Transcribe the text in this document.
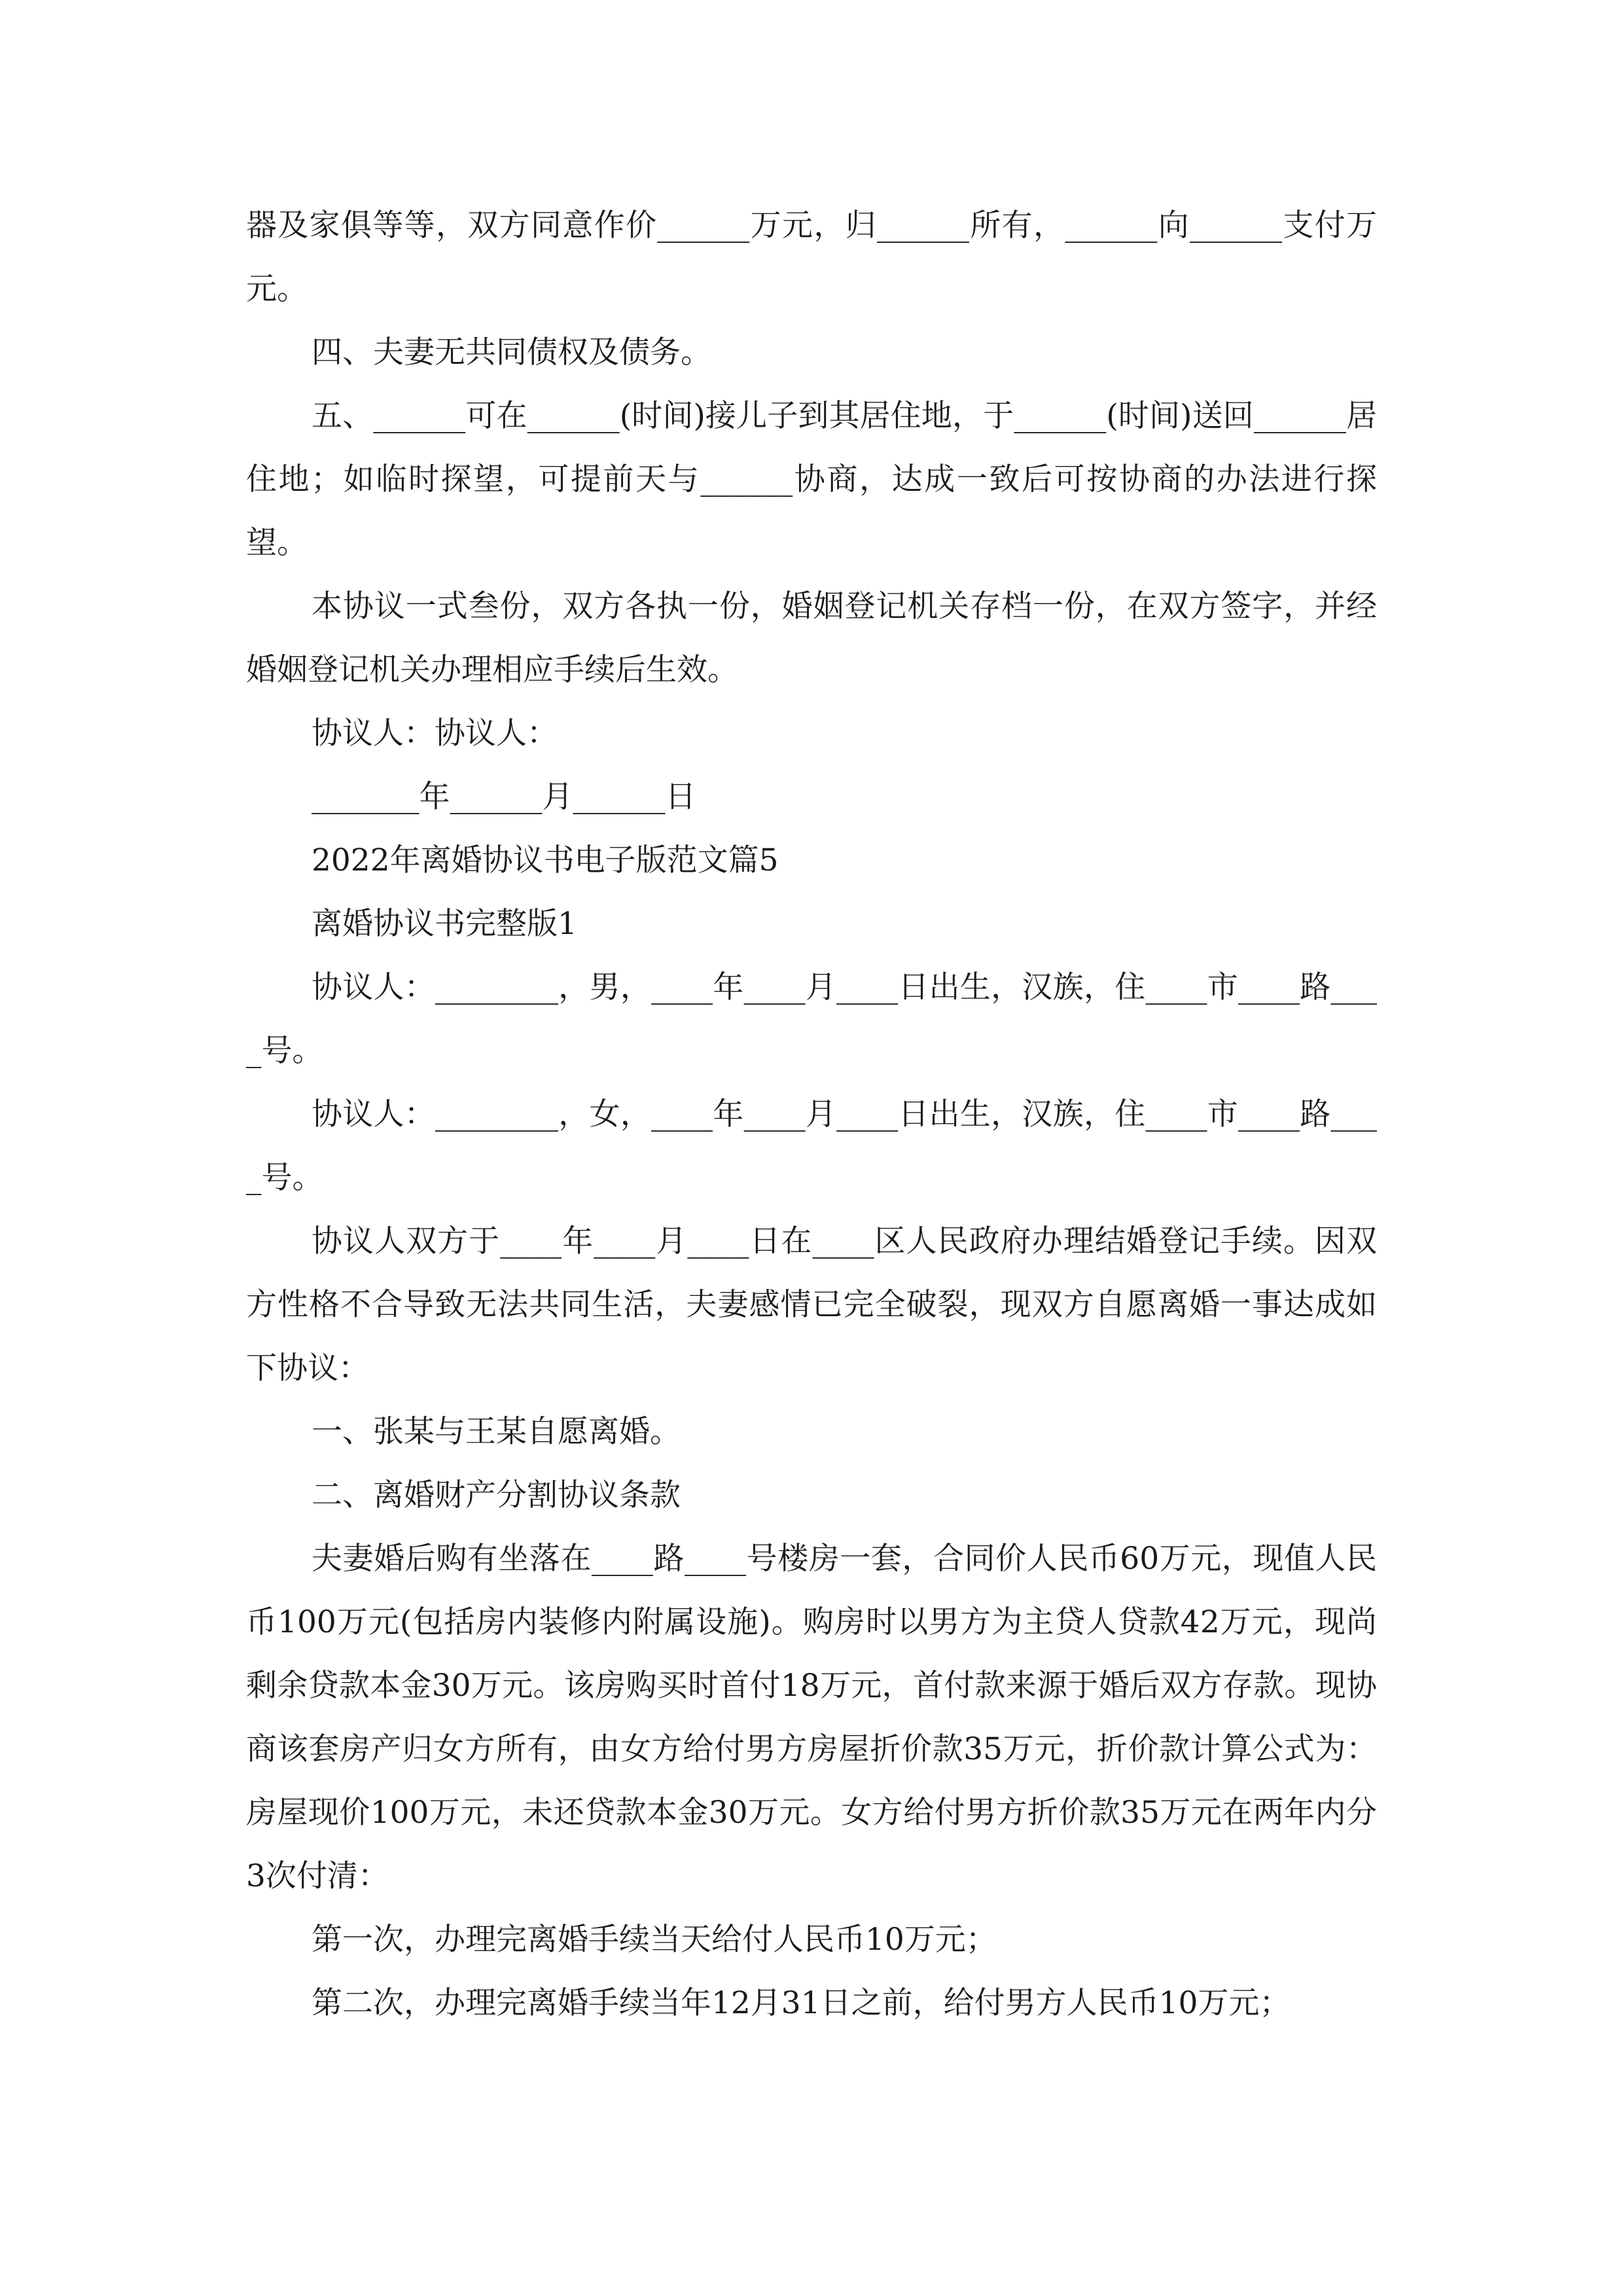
器及家俱等等，双方同意作价______万元，归______所有，______向______支付万元。

四、夫妻无共同债权及债务。

五、______可在______(时间)接儿子到其居住地，于______(时间)送回______居住地；如临时探望，可提前天与______协商，达成一致后可按协商的办法进行探望。

本协议一式叁份，双方各执一份，婚姻登记机关存档一份，在双方签字，并经婚姻登记机关办理相应手续后生效。

协议人：协议人：

_______年______月______日

2022年离婚协议书电子版范文篇5

离婚协议书完整版1

协议人：________，男，____年____月____日出生，汉族，住____市____路____号。

协议人：________，女，____年____月____日出生，汉族，住____市____路____号。

协议人双方于____年____月____日在____区人民政府办理结婚登记手续。因双方性格不合导致无法共同生活，夫妻感情已完全破裂，现双方自愿离婚一事达成如下协议：

一、张某与王某自愿离婚。

二、离婚财产分割协议条款

夫妻婚后购有坐落在____路____号楼房一套，合同价人民币60万元，现值人民币100万元(包括房内装修内附属设施)。购房时以男方为主贷人贷款42万元，现尚剩余贷款本金30万元。该房购买时首付18万元，首付款来源于婚后双方存款。现协商该套房产归女方所有，由女方给付男方房屋折价款35万元，折价款计算公式为：房屋现价100万元，未还贷款本金30万元。女方给付男方折价款35万元在两年内分3次付清：

第一次，办理完离婚手续当天给付人民币10万元；

第二次，办理完离婚手续当年12月31日之前，给付男方人民币10万元；
